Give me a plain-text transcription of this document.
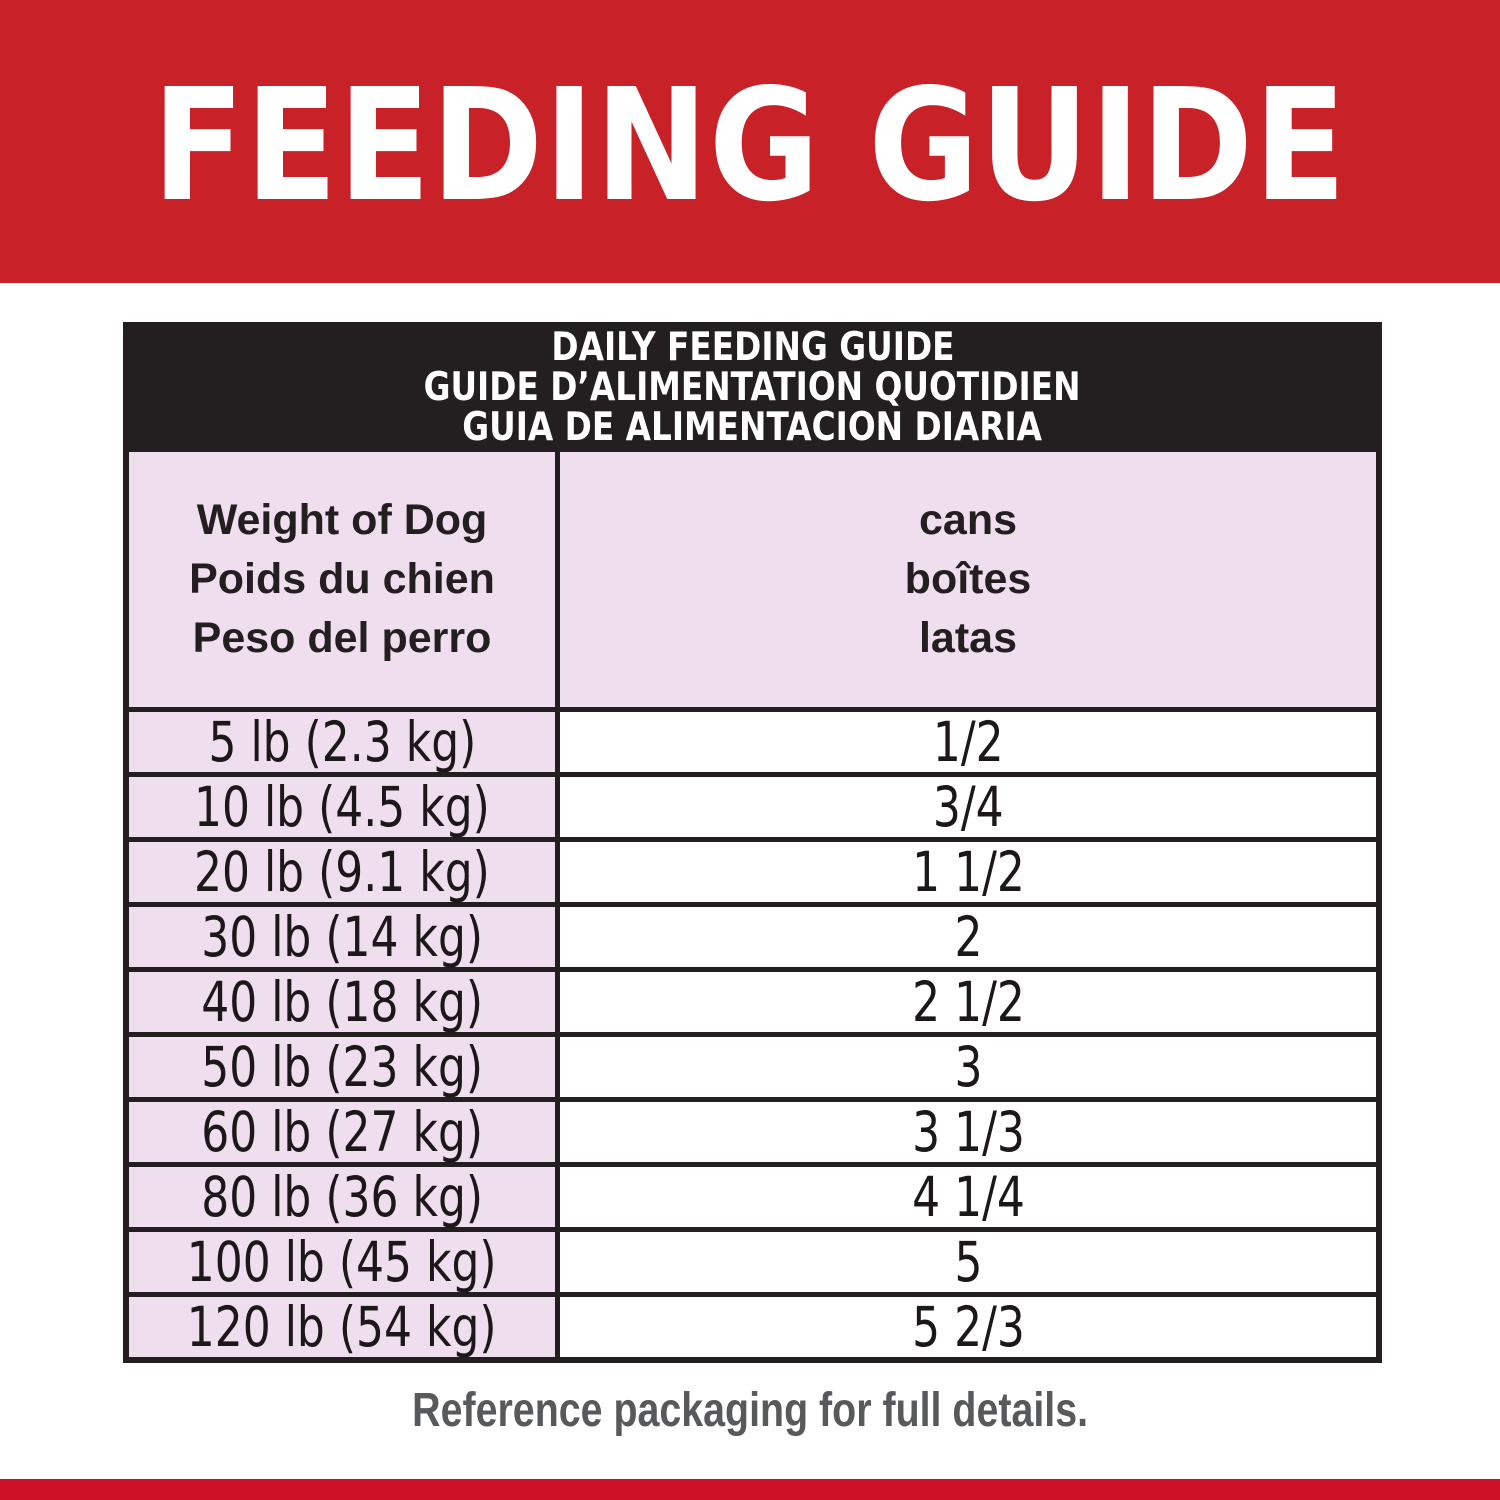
FEEDING GUIDE
DAILY FEEDING GUIDE
GUIDE D’ALIMENTATION QUOTIDIEN
GUIA DE ALIMENTACION DIARIA
Weight of Dog
Poids du chien
Peso del perro
cans
boîtes
latas
5 lb (2.3 kg)	1/2
10 lb (4.5 kg)	3/4
20 lb (9.1 kg)	1 1/2
30 lb (14 kg)	2
40 lb (18 kg)	2 1/2
50 lb (23 kg)	3
60 lb (27 kg)	3 1/3
80 lb (36 kg)	4 1/4
100 lb (45 kg)	5
120 lb (54 kg)	5 2/3
Reference packaging for full details.
